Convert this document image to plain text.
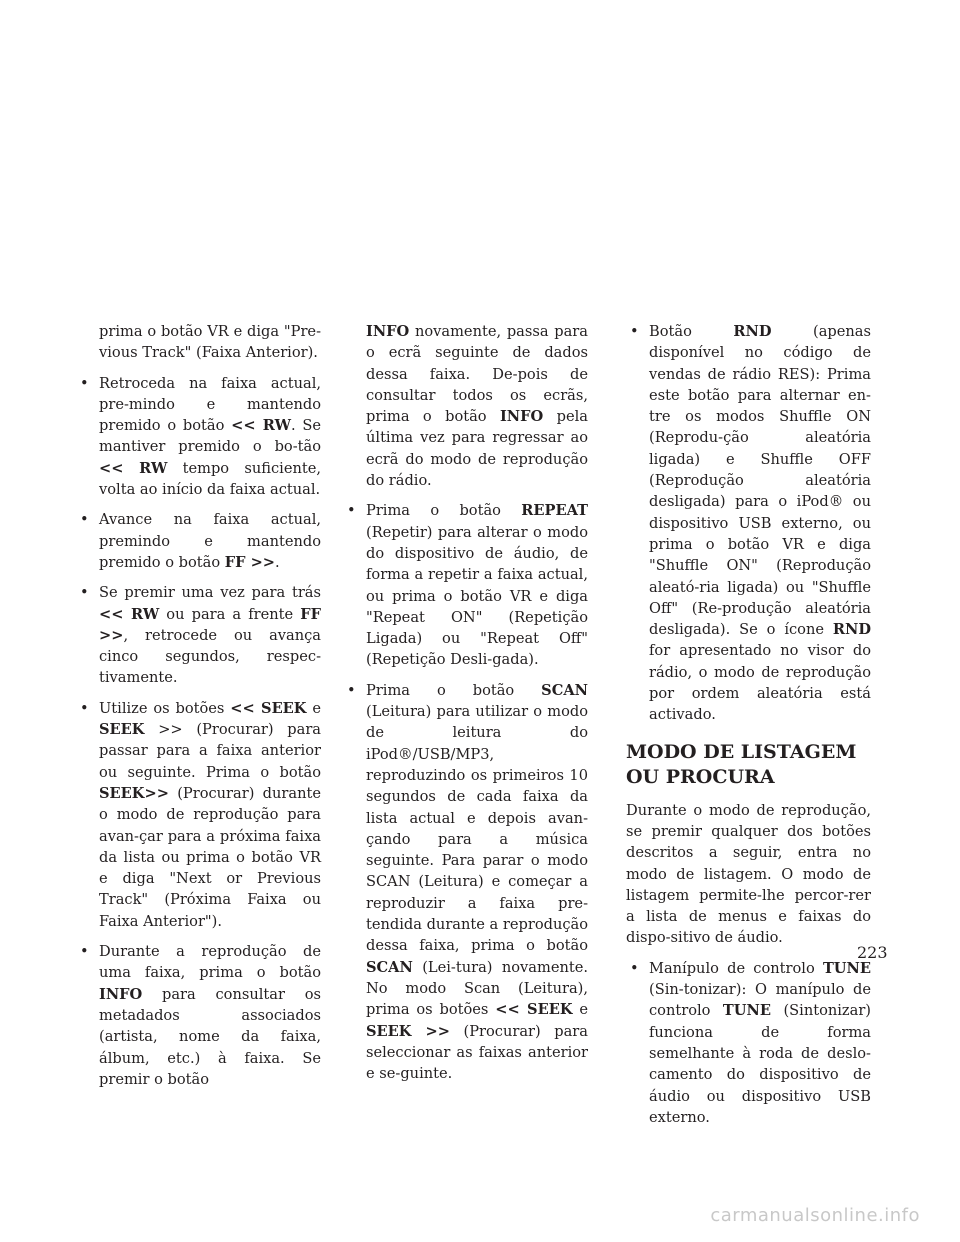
prima o botão VR e diga "Pre-vious Track" (Faixa Anterior).

• Retroceda na faixa actual, pre-mindo e mantendo premido o botão << RW. Se mantiver premido o bo-tão << RW tempo suficiente, volta ao início da faixa actual.

• Avance na faixa actual, premindo e mantendo premido o botão FF >>.

• Se premir uma vez para trás << RW ou para a frente FF >>, retrocede ou avança cinco segundos, respec-tivamente.

• Utilize os botões << SEEK e SEEK >> (Procurar) para passar para a faixa anterior ou seguinte. Prima o botão SEEK>> (Procurar) durante o modo de reprodução para avan-çar para a próxima faixa da lista ou prima o botão VR e diga "Next or Previous Track" (Próxima Faixa ou Faixa Anterior").

• Durante a reprodução de uma faixa, prima o botão INFO para consultar os metadados associados (artista, nome da faixa, álbum, etc.) à faixa. Se premir o botão

INFO novamente, passa para o ecrã seguinte de dados dessa faixa. De-pois de consultar todos os ecrãs, prima o botão INFO pela última vez para regressar ao ecrã do modo de reprodução do rádio.

• Prima o botão REPEAT (Repetir) para alterar o modo do dispositivo de áudio, de forma a repetir a faixa actual, ou prima o botão VR e diga "Repeat ON" (Repetição Ligada) ou "Repeat Off" (Repetição Desli-gada).

• Prima o botão SCAN (Leitura) para utilizar o modo de leitura do iPod®/USB/MP3, reproduzindo os primeiros 10 segundos de cada faixa da lista actual e depois avan-çando para a música seguinte. Para parar o modo SCAN (Leitura) e começar a reproduzir a faixa pre-tendida durante a reprodução dessa faixa, prima o botão SCAN (Lei-tura) novamente. No modo Scan (Leitura), prima os botões << SEEK e SEEK >> (Procurar) para seleccionar as faixas anterior e se-guinte.

• Botão RND (apenas disponível no código de vendas de rádio RES): Prima este botão para alternar en-tre os modos Shuffle ON (Reprodu-ção aleatória ligada) e Shuffle OFF (Reprodução aleatória desligada) para o iPod® ou dispositivo USB externo, ou prima o botão VR e diga "Shuffle ON" (Reprodução aleató-ria ligada) ou "Shuffle Off" (Re-produção aleatória desligada). Se o ícone RND for apresentado no visor do rádio, o modo de reprodução por ordem aleatória está activado.

MODO DE LISTAGEM OU PROCURA

Durante o modo de reprodução, se premir qualquer dos botões descritos a seguir, entra no modo de listagem. O modo de listagem permite-lhe percor-rer a lista de menus e faixas do dispo-sitivo de áudio.

• Manípulo de controlo TUNE (Sin-tonizar): O manípulo de controlo TUNE (Sintonizar) funciona de forma semelhante à roda de deslo-camento do dispositivo de áudio ou dispositivo USB externo.

223
carmanualsonline.info
